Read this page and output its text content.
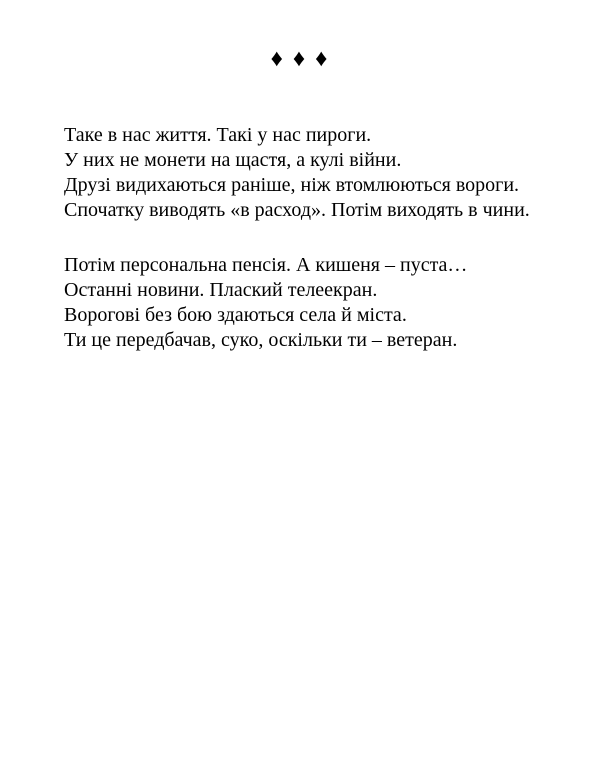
♦ ♦ ♦
Таке в нас життя. Такі у нас пироги.
У них не монети на щастя, а кулі війни.
Друзі видихаються раніше, ніж втомлюються вороги.
Спочатку виводять «в расход». Потім виходять в чини.
Потім персональна пенсія. А кишеня – пуста…
Останні новини. Плаский телеекран.
Ворогові без бою здаються села й міста.
Ти це передбачав, суко, оскільки ти – ветеран.
